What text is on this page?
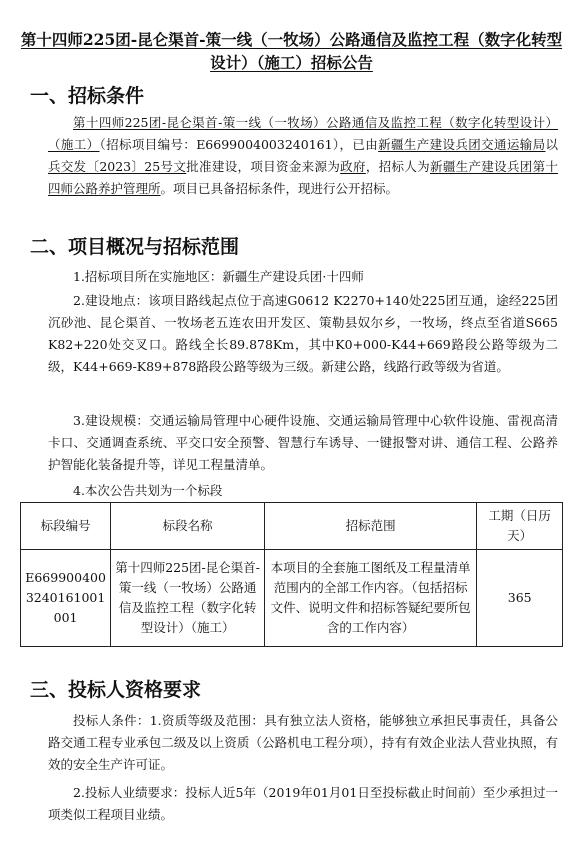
第十四师225团-昆仑渠首-策一线（一牧场）公路通信及监控工程（数字化转型设计）（施工）招标公告
一、招标条件
第十四师225团-昆仑渠首-策一线（一牧场）公路通信及监控工程（数字化转型设计）（施工）（招标项目编号：E6699004003240161），已由新疆生产建设兵团交通运输局以兵交发〔2023〕25号文批准建设，项目资金来源为政府，招标人为新疆生产建设兵团第十四师公路养护管理所。项目已具备招标条件，现进行公开招标。
二、项目概况与招标范围
1.招标项目所在实施地区：新疆生产建设兵团·十四师
2.建设地点：该项目路线起点位于高速G0612 K2270+140处225团互通，途经225团沉砂池、昆仑渠首、一牧场老五连农田开发区、策勒县奴尔乡，一牧场，终点至省道S665 K82+220处交叉口。路线全长89.878Km，其中K0+000-K44+669路段公路等级为二级，K44+669-K89+878路段公路等级为三级。新建公路，线路行政等级为省道。
3.建设规模：交通运输局管理中心硬件设施、交通运输局管理中心软件设施、雷视高清卡口、交通调查系统、平交口安全预警、智慧行车诱导、一键报警对讲、通信工程、公路养护智能化装备提升等，详见工程量清单。
4.本次公告共划为一个标段
标段编号	标段名称	招标范围	工期（日历天）
E6699004003240161001001	第十四师225团-昆仑渠首-策一线（一牧场）公路通信及监控工程（数字化转型设计）（施工）	本项目的全套施工图纸及工程量清单范围内的全部工作内容。（包括招标文件、说明文件和招标答疑纪要所包含的工作内容）	365
三、投标人资格要求
投标人条件：1.资质等级及范围：具有独立法人资格，能够独立承担民事责任，具备公路交通工程专业承包二级及以上资质（公路机电工程分项），持有有效企业法人营业执照，有效的安全生产许可证。
2.投标人业绩要求：投标人近5年（2019年01月01日至投标截止时间前）至少承担过一项类似工程项目业绩。
